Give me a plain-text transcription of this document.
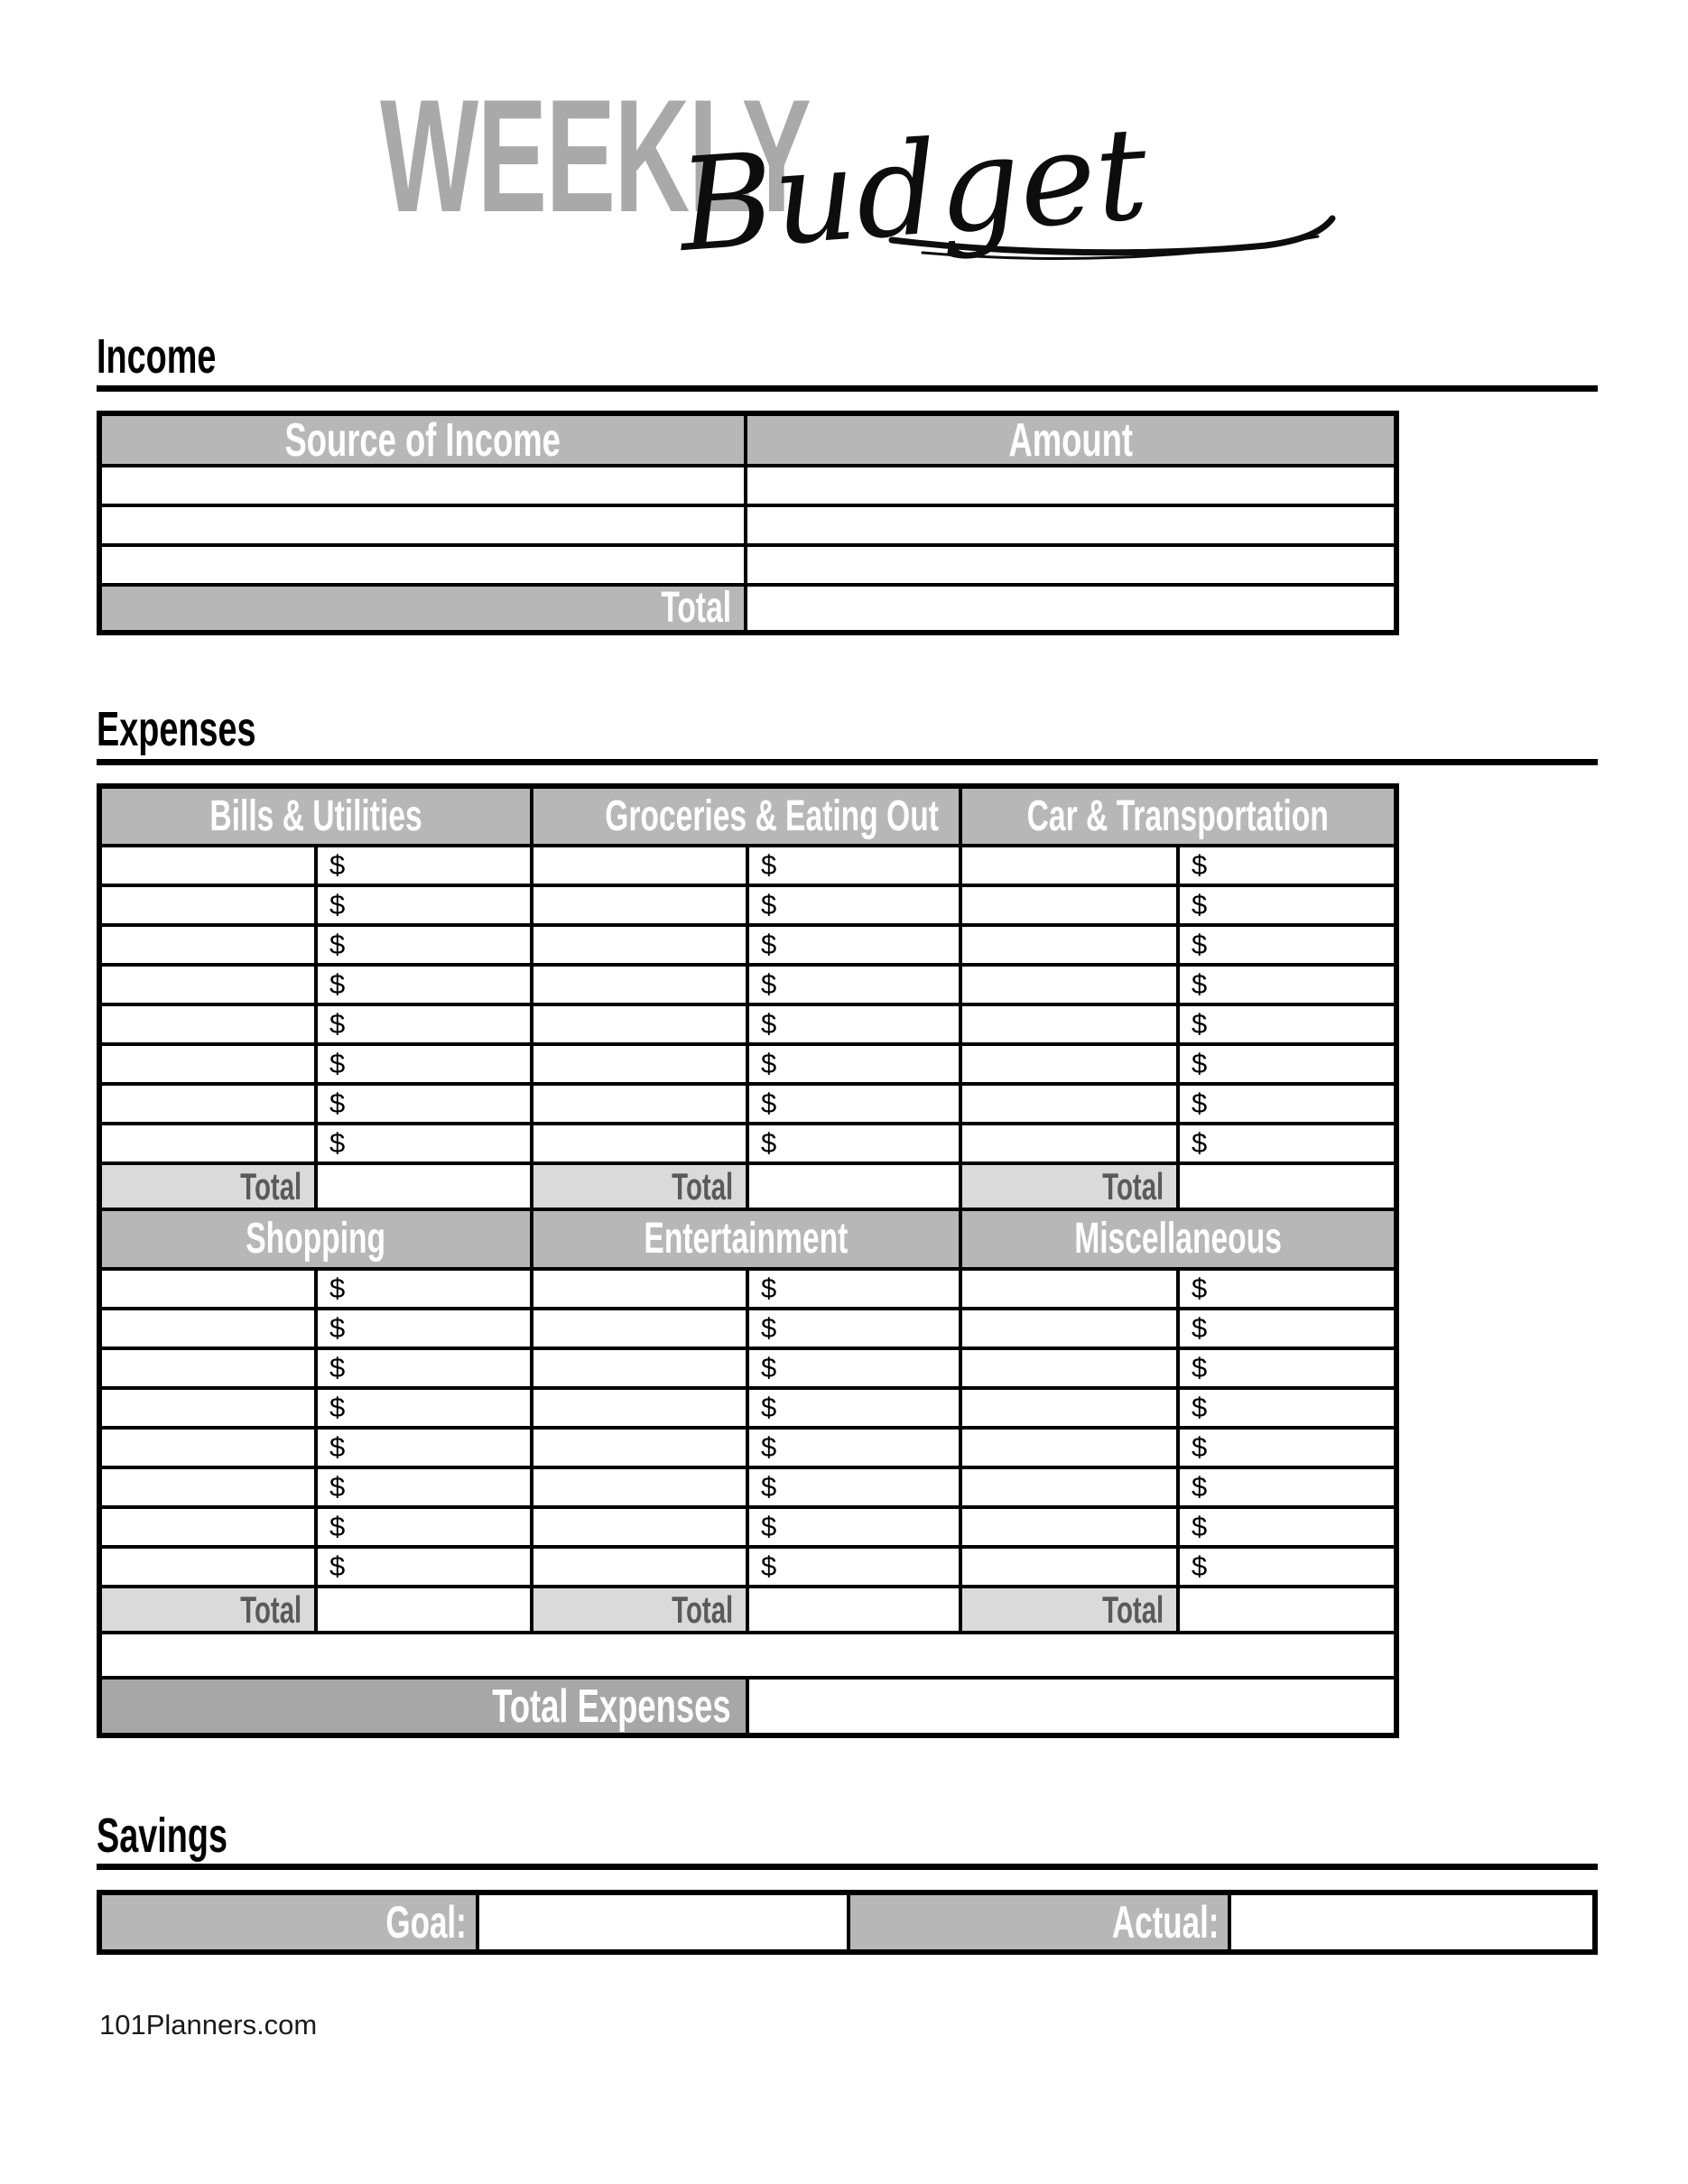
WEEKLY
Budget
Income
Source of Income	Amount

Total	
Expenses
Bills & Utilities		Groceries & Eating Out		Car & Transportation	
	$		$		$
	$		$		$
	$		$		$
	$		$		$
	$		$		$
	$		$		$
	$		$		$
	$		$		$
Total		Total		Total	
Shopping		Entertainment		Miscellaneous	
	$		$		$
	$		$		$
	$		$		$
	$		$		$
	$		$		$
	$		$		$
	$		$		$
	$		$		$
Total		Total		Total	

Total Expenses					
Savings
Goal:		Actual:	
101Planners.com
